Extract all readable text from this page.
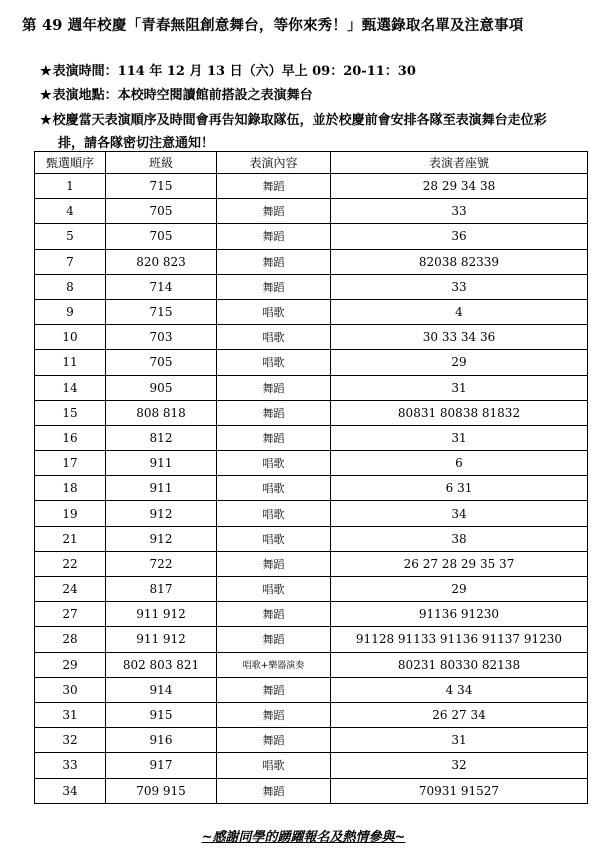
第 49 週年校慶「青春無阻創意舞台，等你來秀！」甄選錄取名單及注意事項
★表演時間：114 年 12 月 13 日（六）早上 09：20-11：30
★表演地點：本校時空閱讀館前搭設之表演舞台
★校慶當天表演順序及時間會再告知錄取隊伍，並於校慶前會安排各隊至表演舞台走位彩
排，請各隊密切注意通知！
甄選順序	班級	表演內容	表演者座號
1	715	舞蹈	28 29 34 38
4	705	舞蹈	33
5	705	舞蹈	36
7	820 823	舞蹈	82038 82339
8	714	舞蹈	33
9	715	唱歌	4
10	703	唱歌	30 33 34 36
11	705	唱歌	29
14	905	舞蹈	31
15	808 818	舞蹈	80831 80838 81832
16	812	舞蹈	31
17	911	唱歌	6
18	911	唱歌	6 31
19	912	唱歌	34
21	912	唱歌	38
22	722	舞蹈	26 27 28 29 35 37
24	817	唱歌	29
27	911 912	舞蹈	91136 91230
28	911 912	舞蹈	91128 91133 91136 91137 91230
29	802 803 821	唱歌+樂器演奏	80231 80330 82138
30	914	舞蹈	4 34
31	915	舞蹈	26 27 34
32	916	舞蹈	31
33	917	唱歌	32
34	709 915	舞蹈	70931 91527
~感謝同學的踴躍報名及熱情參與~
